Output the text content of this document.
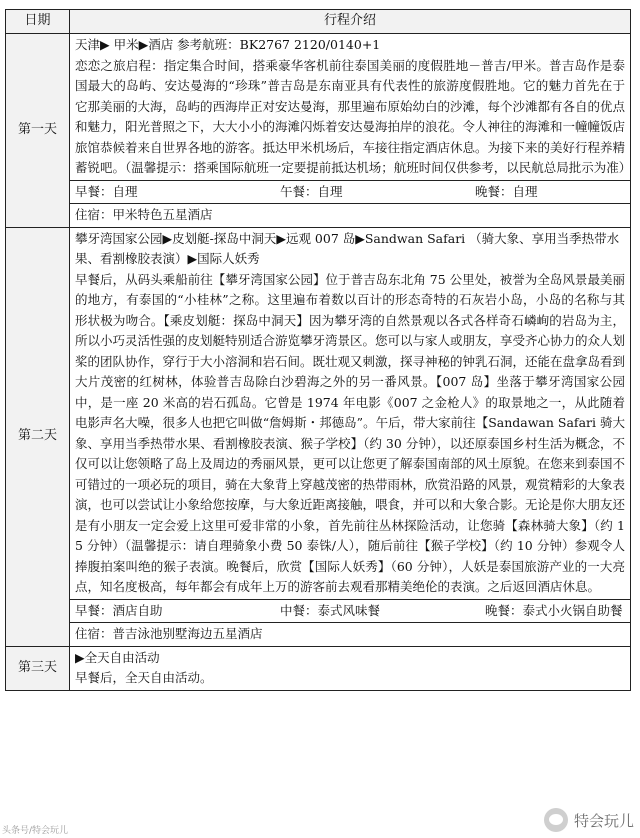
日期	行程介绍
第一天	天津▶ 甲米▶酒店 参考航班：BK2767 2120/0140+1
恋恋之旅启程：指定集合时间，搭乘豪华客机前往泰国美丽的度假胜地－普吉/甲米。普吉岛作是泰国最大的岛屿、安达曼海的“珍珠”普吉岛是东南亚具有代表性的旅游度假胜地。它的魅力首先在于它那美丽的大海，岛屿的西海岸正对安达曼海，那里遍布原始幼白的沙滩，每个沙滩都有各自的优点和魅力，阳光普照之下，大大小小的海滩闪烁着安达曼海拍岸的浪花。令人神往的海滩和一幢幢饭店旅馆恭候着来自世界各地的游客。抵达甲米机场后，车接往指定酒店休息。为接下来的美好行程养精蓄锐吧。（温馨提示：搭乘国际航班一定要提前抵达机场；航班时间仅供参考，以民航总局批示为准）

	早餐：自理 午餐：自理 晚餐：自理

	住宿：甲米特色五星酒店
第二天	攀牙湾国家公园▶皮划艇-探岛中洞天▶远观 007 岛▶Sandwan Safari （骑大象、享用当季热带水果、看割橡胶表演）▶国际人妖秀
早餐后，从码头乘船前往【攀牙湾国家公园】位于普吉岛东北角 75 公里处，被誉为全岛风景最美丽的地方，有泰国的“小桂林”之称。这里遍布着数以百计的形态奇特的石灰岩小岛，小岛的名称与其形状极为吻合。【乘皮划艇：探岛中洞天】因为攀牙湾的自然景观以各式各样奇石嶙峋的岩岛为主，所以小巧灵活性强的皮划艇特别适合游览攀牙湾景区。您可以与家人或朋友，享受齐心协力的众人划桨的团队协作，穿行于大小溶洞和岩石间。既壮观又刺激，探寻神秘的钟乳石洞，还能在盘拿岛看到大片茂密的红树林，体验普吉岛除白沙碧海之外的另一番风景。【007 岛】坐落于攀牙湾国家公园中，是一座 20 米高的岩石孤岛。它曾是 1974 年电影《007 之金枪人》的取景地之一，从此随着电影声名大噪，很多人也把它叫做“詹姆斯・邦德岛”。午后，带大家前往【Sandawan Safari 骑大象、享用当季热带水果、看割橡胶表演、猴子学校】（约 30 分钟），以还原泰国乡村生活为概念，不仅可以让您领略了岛上及周边的秀丽风景，更可以让您更了解泰国南部的风土原貌。在您来到泰国不可错过的一项必玩的项目，骑在大象背上穿越茂密的热带雨林，欣赏沿路的风景，观赏精彩的大象表演，也可以尝试让小象给您按摩，与大象近距离接触，喂食，并可以和大象合影。无论是你大朋友还是有小朋友一定会爱上这里可爱非常的小象，首先前往丛林探险活动，让您骑【森林骑大象】（约 15 分钟）（温馨提示：请自理骑象小费 50 泰铢/人），随后前往【猴子学校】（约 10 分钟）参观令人捧腹拍案叫绝的猴子表演。晚餐后，欣赏【国际人妖秀】（60 分钟），人妖是泰国旅游产业的一大亮点，知名度极高，每年都会有成年上万的游客前去观看那精美绝伦的表演。之后返回酒店休息。

	早餐：酒店自助 中餐：泰式风味餐 晚餐：泰式小火锅自助餐

	住宿：普吉泳池别墅海边五星酒店
第三天	▶全天自由活动
早餐后，全天自由活动。
特会玩儿
头条号/特会玩儿
